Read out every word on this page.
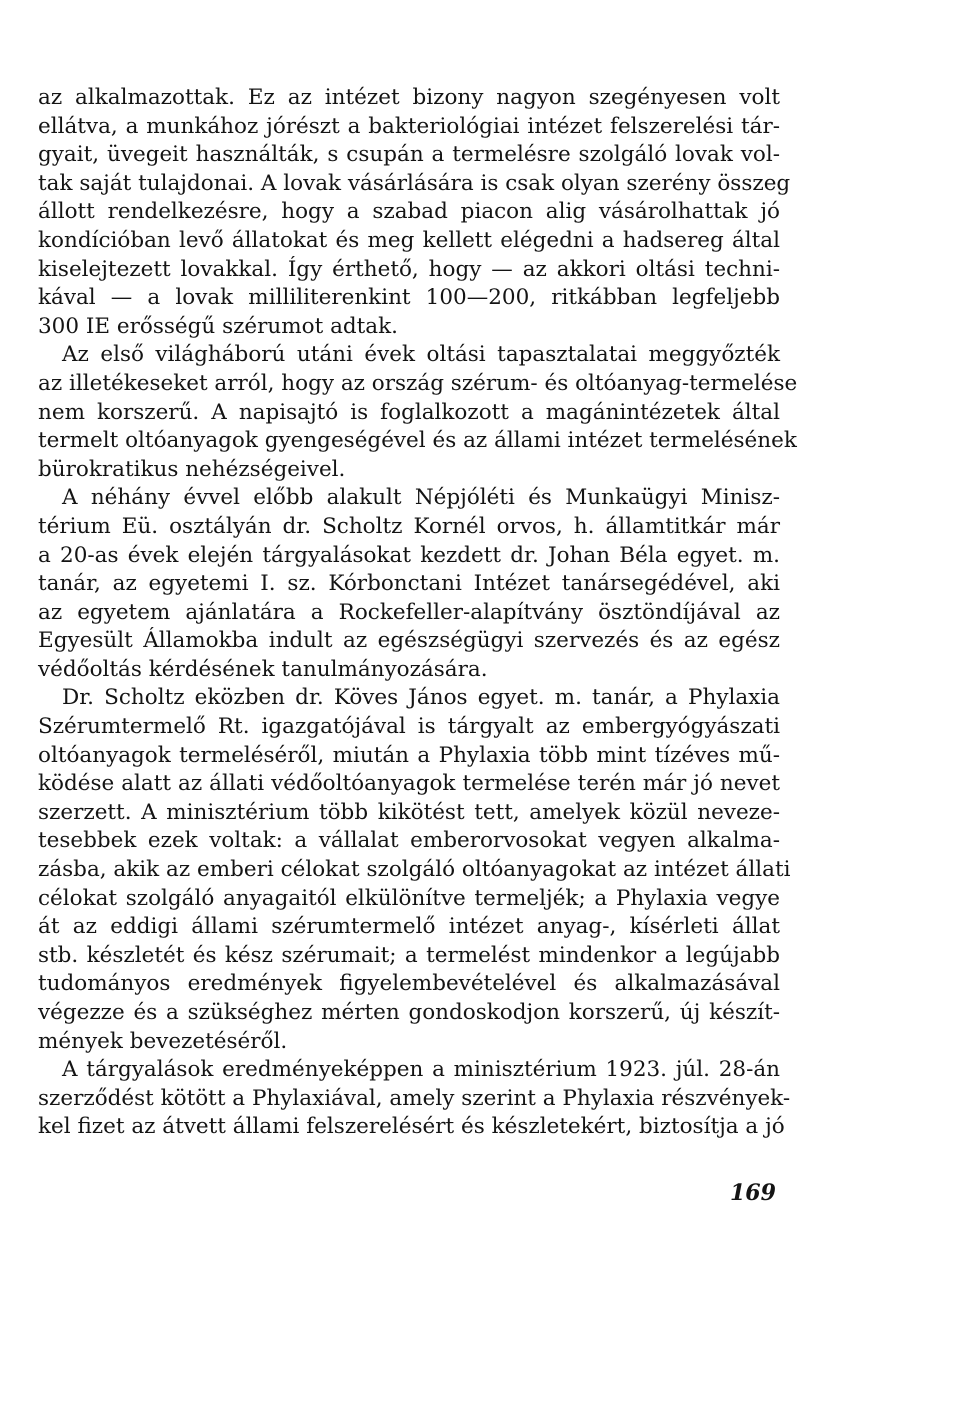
az alkalmazottak. Ez az intézet bizony nagyon szegényesen volt
ellátva, a munkához jórészt a bakteriológiai intézet felszerelési tár-
gyait, üvegeit használták, s csupán a termelésre szolgáló lovak vol-
tak saját tulajdonai. A lovak vásárlására is csak olyan szerény összeg
állott rendelkezésre, hogy a szabad piacon alig vásárolhattak jó
kondícióban levő állatokat és meg kellett elégedni a hadsereg által
kiselejtezett lovakkal. Így érthető, hogy — az akkori oltási techni-
kával — a lovak milliliterenkint 100—200, ritkábban legfeljebb
300 IE erősségű szérumot adtak.
Az első világháború utáni évek oltási tapasztalatai meggyőzték
az illetékeseket arról, hogy az ország szérum- és oltóanyag-termelése
nem korszerű. A napisajtó is foglalkozott a magánintézetek által
termelt oltóanyagok gyengeségével és az állami intézet termelésének
bürokratikus nehézségeivel.
A néhány évvel előbb alakult Népjóléti és Munkaügyi Minisz-
térium Eü. osztályán dr. Scholtz Kornél orvos, h. államtitkár már
a 20-as évek elején tárgyalásokat kezdett dr. Johan Béla egyet. m.
tanár, az egyetemi I. sz. Kórbonctani Intézet tanársegédével, aki
az egyetem ajánlatára a Rockefeller-alapítvány ösztöndíjával az
Egyesült Államokba indult az egészségügyi szervezés és az egész
védőoltás kérdésének tanulmányozására.
Dr. Scholtz eközben dr. Köves János egyet. m. tanár, a Phylaxia
Szérumtermelő Rt. igazgatójával is tárgyalt az embergyógyászati
oltóanyagok termeléséről, miután a Phylaxia több mint tízéves mű-
ködése alatt az állati védőoltóanyagok termelése terén már jó nevet
szerzett. A minisztérium több kikötést tett, amelyek közül neveze-
tesebbek ezek voltak: a vállalat emberorvosokat vegyen alkalma-
zásba, akik az emberi célokat szolgáló oltóanyagokat az intézet állati
célokat szolgáló anyagaitól elkülönítve termeljék; a Phylaxia vegye
át az eddigi állami szérumtermelő intézet anyag-, kísérleti állat
stb. készletét és kész szérumait; a termelést mindenkor a legújabb
tudományos eredmények figyelembevételével és alkalmazásával
végezze és a szükséghez mérten gondoskodjon korszerű, új készít-
mények bevezetéséről.
A tárgyalások eredményeképpen a minisztérium 1923. júl. 28-án
szerződést kötött a Phylaxiával, amely szerint a Phylaxia részvények-
kel fizet az átvett állami felszerelésért és készletekért, biztosítja a jó
169
